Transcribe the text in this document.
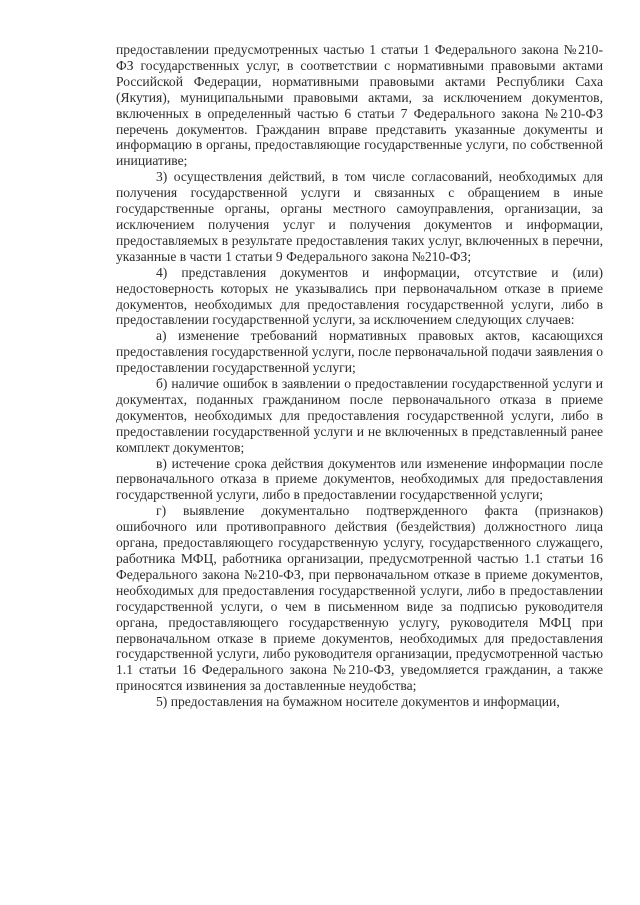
предоставлении предусмотренных частью 1 статьи 1 Федерального закона №210-ФЗ государственных услуг, в соответствии с нормативными правовыми актами Российской Федерации, нормативными правовыми актами Республики Саха (Якутия), муниципальными правовыми актами, за исключением документов, включенных в определенный частью 6 статьи 7 Федерального закона №210-ФЗ перечень документов. Гражданин вправе представить указанные документы и информацию в органы, предоставляющие государственные услуги, по собственной инициативе;

3) осуществления действий, в том числе согласований, необходимых для получения государственной услуги и связанных с обращением в иные государственные органы, органы местного самоуправления, организации, за исключением получения услуг и получения документов и информации, предоставляемых в результате предоставления таких услуг, включенных в перечни, указанные в части 1 статьи 9 Федерального закона №210-ФЗ;

4) представления документов и информации, отсутствие и (или) недостоверность которых не указывались при первоначальном отказе в приеме документов, необходимых для предоставления государственной услуги, либо в предоставлении государственной услуги, за исключением следующих случаев:

а) изменение требований нормативных правовых актов, касающихся предоставления государственной услуги, после первоначальной подачи заявления о предоставлении государственной услуги;

б) наличие ошибок в заявлении о предоставлении государственной услуги и документах, поданных гражданином после первоначального отказа в приеме документов, необходимых для предоставления государственной услуги, либо в предоставлении государственной услуги и не включенных в представленный ранее комплект документов;

в) истечение срока действия документов или изменение информации после первоначального отказа в приеме документов, необходимых для предоставления государственной услуги, либо в предоставлении государственной услуги;

г) выявление документально подтвержденного факта (признаков) ошибочного или противоправного действия (бездействия) должностного лица органа, предоставляющего государственную услугу, государственного служащего, работника МФЦ, работника организации, предусмотренной частью 1.1 статьи 16 Федерального закона №210-ФЗ, при первоначальном отказе в приеме документов, необходимых для предоставления государственной услуги, либо в предоставлении государственной услуги, о чем в письменном виде за подписью руководителя органа, предоставляющего государственную услугу, руководителя МФЦ при первоначальном отказе в приеме документов, необходимых для предоставления государственной услуги, либо руководителя организации, предусмотренной частью 1.1 статьи 16 Федерального закона №210-ФЗ, уведомляется гражданин, а также приносятся извинения за доставленные неудобства;

5) предоставления на бумажном носителе документов и информации,
